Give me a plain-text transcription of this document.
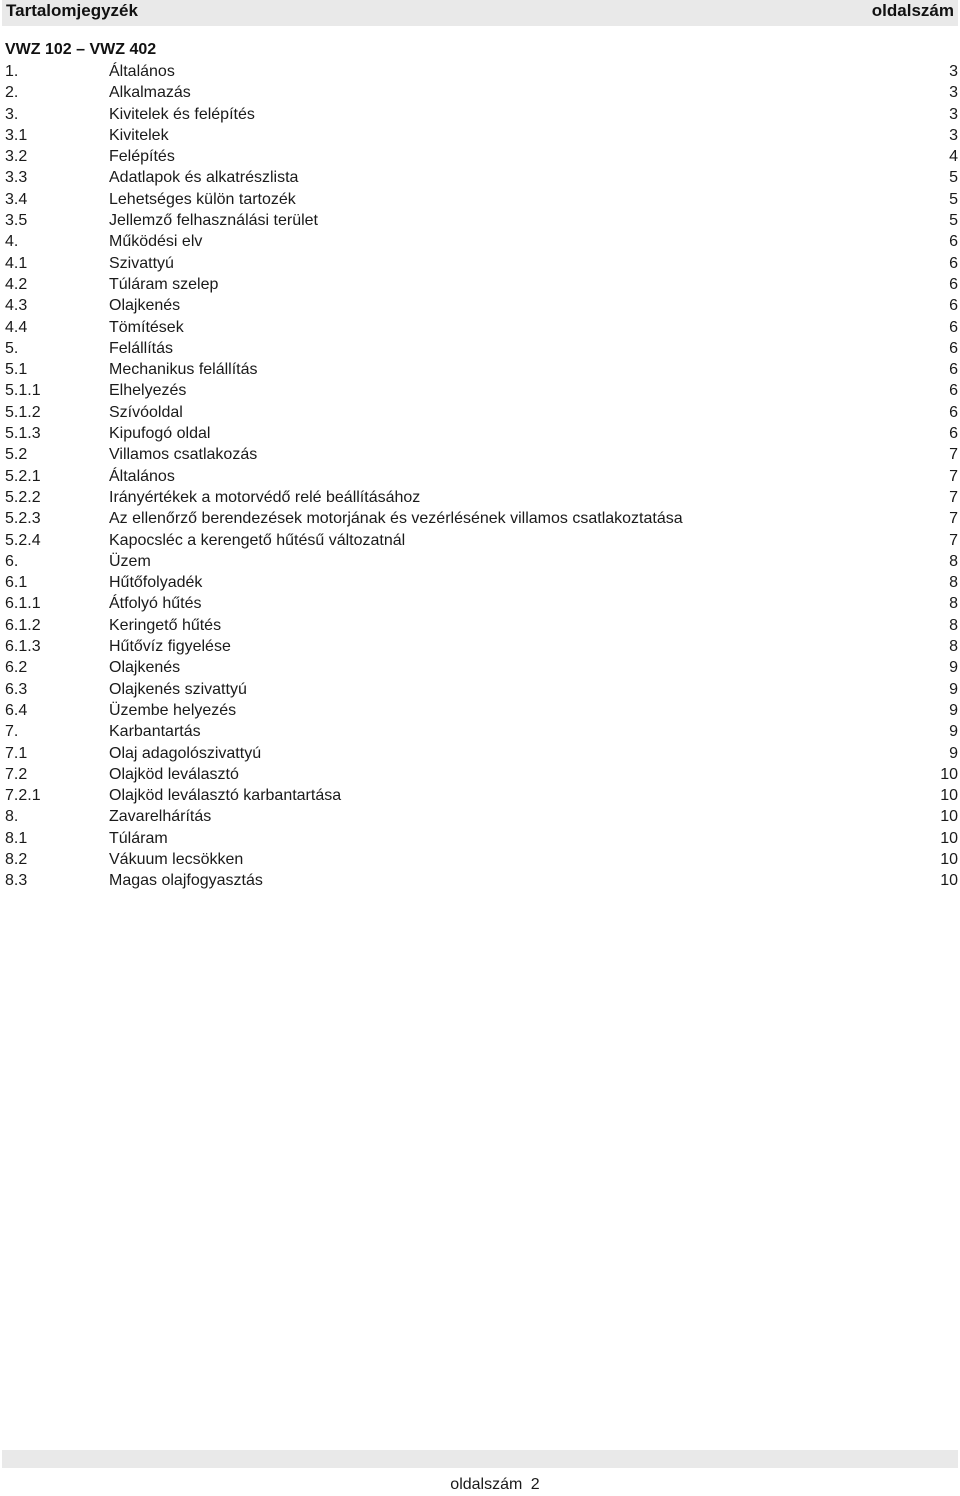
Tartalomjegyzék	oldalszám
VWZ 102 – VWZ 402
1.	Általános	3
2.	Alkalmazás	3
3.	Kivitelek és felépítés	3
3.1	Kivitelek	3
3.2	Felépítés	4
3.3	Adatlapok és alkatrészlista	5
3.4	Lehetséges külön tartozék	5
3.5	Jellemző felhasználási terület	5
4.	Működési elv	6
4.1	Szivattyú	6
4.2	Túláram szelep	6
4.3	Olajkenés	6
4.4	Tömítések	6
5.	Felállítás	6
5.1	Mechanikus felállítás	6
5.1.1	Elhelyezés	6
5.1.2	Szívóoldal	6
5.1.3	Kipufogó oldal	6
5.2	Villamos csatlakozás	7
5.2.1	Általános	7
5.2.2	Irányértékek a motorvédő relé beállításához	7
5.2.3	Az ellenőrző berendezések motorjának és vezérlésének villamos csatlakoztatása	7
5.2.4	Kapocsléc a kerengető hűtésű változatnál	7
6.	Üzem	8
6.1	Hűtőfolyadék	8
6.1.1	Átfolyó hűtés	8
6.1.2	Keringető hűtés	8
6.1.3	Hűtővíz figyelése	8
6.2	Olajkenés	9
6.3	Olajkenés szivattyú	9
6.4	Üzembe helyezés	9
7.	Karbantartás	9
7.1	Olaj adagolószivattyú	9
7.2	Olajköd leválasztó	10
7.2.1	Olajköd leválasztó karbantartása	10
8.	Zavarelhárítás	10
8.1	Túláram	10
8.2	Vákuum lecsökken	10
8.3	Magas olajfogyasztás	10
oldalszám 2
